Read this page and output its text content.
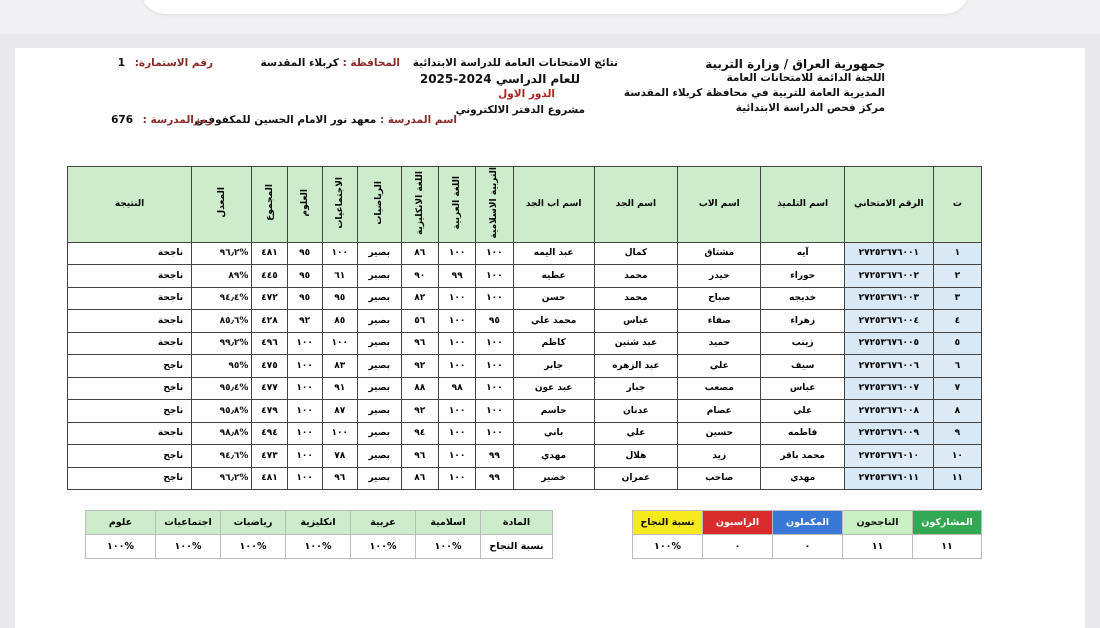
جمهورية العراق / وزارة التربية
اللجنة الدائمة للامتحانات العامة
المديرية العامة للتربية في محافظة كربلاء المقدسة
مركز فحص الدراسة الابتدائية
نتائج الامتحانات العامة للدراسة الابتدائية
للعام الدراسي 2024-2025
الدور الاول
مشروع الدفتر الالكتروني
المحافظة : كربلاء المقدسة
اسم المدرسة : معهد نور الامام الحسين للمكفوفين
رقم الاستمارة: 1
رمزالمدرسة : 676
ت	الرقم الامتحاني	اسم التلميذ	اسم الاب	اسم الجد	اسم اب الجد	التربية الاسلامية	اللغة العربية	اللغة الانكليزية	الرياضيات	الاجتماعيات	العلوم	المجموع	المعدل	النتيجة
١	٢٧٢٥٣٦٧٦٠٠١	آيه	مشتاق	كمال	عبد اليمه	١٠٠	١٠٠	٨٦	بصير	١٠٠	٩٥	٤٨١	%٩٦٫٢	ناجحة
٢	٢٧٢٥٣٦٧٦٠٠٢	حوراء	حيدر	محمد	عطيه	١٠٠	٩٩	٩٠	بصير	٦١	٩٥	٤٤٥	%٨٩	ناجحة
٣	٢٧٢٥٣٦٧٦٠٠٣	خديجه	صباح	محمد	حسن	١٠٠	١٠٠	٨٢	بصير	٩٥	٩٥	٤٧٢	%٩٤٫٤	ناجحة
٤	٢٧٢٥٣٦٧٦٠٠٤	زهراء	صفاء	عباس	محمد علي	٩٥	١٠٠	٥٦	بصير	٨٥	٩٢	٤٢٨	%٨٥٫٦	ناجحة
٥	٢٧٢٥٣٦٧٦٠٠٥	زينب	حميد	عبد شنين	كاظم	١٠٠	١٠٠	٩٦	بصير	١٠٠	١٠٠	٤٩٦	%٩٩٫٢	ناجحة
٦	٢٧٢٥٣٦٧٦٠٠٦	سيف	علي	عبد الزهره	جابر	١٠٠	١٠٠	٩٢	بصير	٨٣	١٠٠	٤٧٥	%٩٥	ناجح
٧	٢٧٢٥٣٦٧٦٠٠٧	عباس	مصعب	جبار	عبد عون	١٠٠	٩٨	٨٨	بصير	٩١	١٠٠	٤٧٧	%٩٥٫٤	ناجح
٨	٢٧٢٥٣٦٧٦٠٠٨	علي	عصام	عدنان	جاسم	١٠٠	١٠٠	٩٢	بصير	٨٧	١٠٠	٤٧٩	%٩٥٫٨	ناجح
٩	٢٧٢٥٣٦٧٦٠٠٩	فاطمه	حسين	علي	باني	١٠٠	١٠٠	٩٤	بصير	١٠٠	١٠٠	٤٩٤	%٩٨٫٨	ناجحة
١٠	٢٧٢٥٣٦٧٦٠١٠	محمد باقر	زيد	هلال	مهدي	٩٩	١٠٠	٩٦	بصير	٧٨	١٠٠	٤٧٣	%٩٤٫٦	ناجح
١١	٢٧٢٥٣٦٧٦٠١١	مهدي	صاحب	عمران	خضير	٩٩	١٠٠	٨٦	بصير	٩٦	١٠٠	٤٨١	%٩٦٫٢	ناجح
المشاركون	الناجحون	المكملون	الراسبون	نسبة النجاح
١١	١١	٠	٠	%١٠٠
المادة	اسلامية	عربية	انكليزية	رياضيات	اجتماعيات	علوم
نسبة النجاح	%١٠٠	%١٠٠	%١٠٠	%١٠٠	%١٠٠	%١٠٠
